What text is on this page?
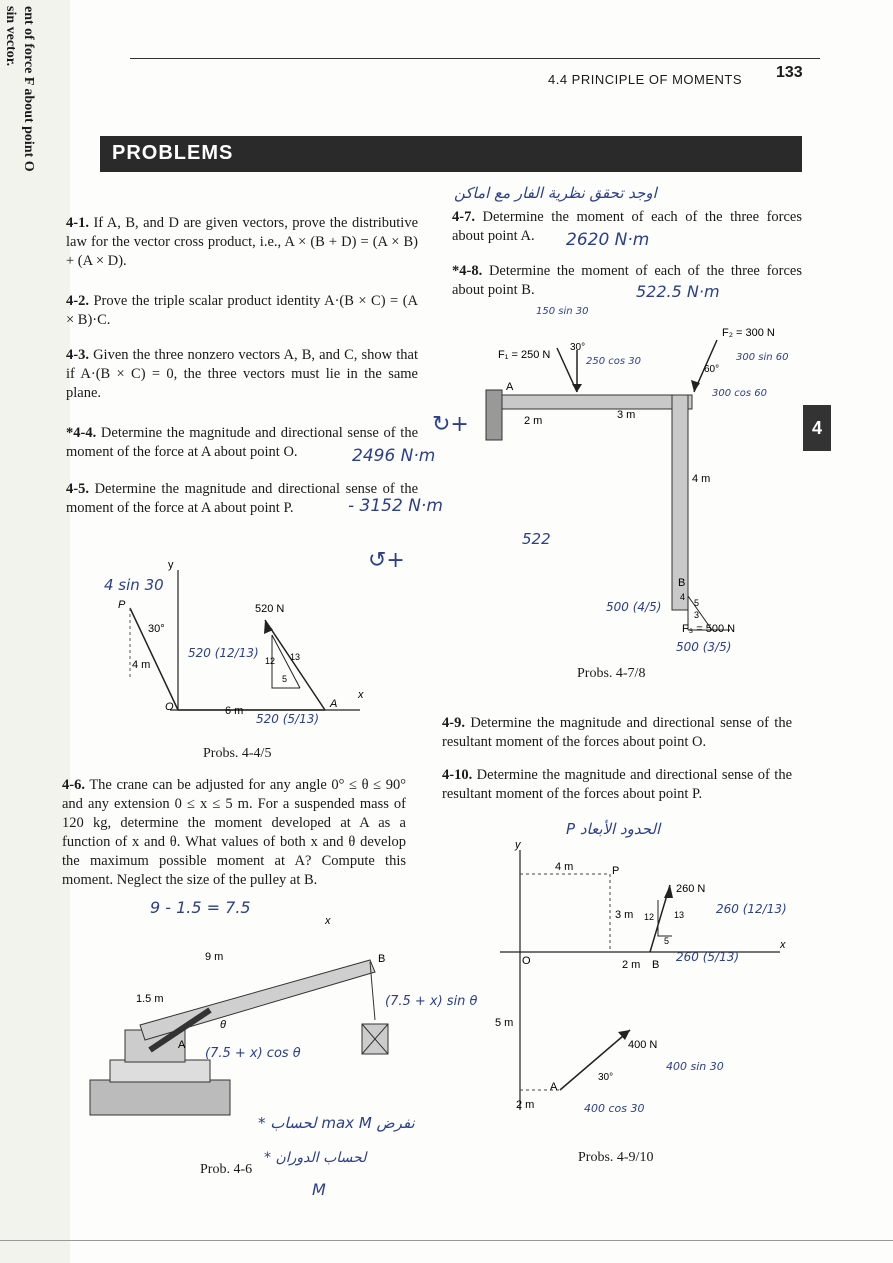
ent of force F about point O
sin vector.
4.4 PRINCIPLE OF MOMENTS 133
PROBLEMS
4
4-1. If A, B, and D are given vectors, prove the distributive law for the vector cross product, i.e., A × (B + D) = (A × B) + (A × D).
4-2. Prove the triple scalar product identity A·(B × C) = (A × B)·C.
4-3. Given the three nonzero vectors A, B, and C, show that if A·(B × C) = 0, the three vectors must lie in the same plane.
*4-4. Determine the magnitude and directional sense of the moment of the force at A about point O.
4-5. Determine the magnitude and directional sense of the moment of the force at A about point P.
2496 N·m
- 3152 N·m
↻+
↺+
y
x
P
O	A
30°
4 m
6 m
520 N
12 13
5
4 sin 30
520 (12/13)
520 (5/13)
Probs. 4-4/5
4-6. The crane can be adjusted for any angle 0° ≤ θ ≤ 90° and any extension 0 ≤ x ≤ 5 m. For a suspended mass of 120 kg, determine the moment developed at A as a function of x and θ. What values of both x and θ develop the maximum possible moment at A? Compute this moment. Neglect the size of the pulley at B.
9 m
1.5 m
x
B
A
θ
9 - 1.5 = 7.5
(7.5 + x) sin θ
(7.5 + x) cos θ
* لحساب max M نفرض
* لحساب الدوران
M
Prob. 4-6
اوجد تحقق نظرية الفار مع اماكن
4-7. Determine the moment of each of the three forces about point A.	2620 N·m
*4-8. Determine the moment of each of the three forces about point B.	522.5 N·m
F₁ = 250 N
30°
F₂ = 300 N
60°
A
B
2 m	3 m
4 m
5
4
3
F₃ = 500 N
150 sin 30
250 cos 30	300 sin 60
300 cos 60
522
500 (4/5)
500 (3/5)
Probs. 4-7/8
4-9. Determine the magnitude and directional sense of the resultant moment of the forces about point O.
4-10. Determine the magnitude and directional sense of the resultant moment of the forces about point P.
P الحدود الأبعاد
y
x
4 m	P
3 m
260 N
12 13
5
O	2 m B
5 m
400 N
30°
A
2 m
260 (12/13)
260 (5/13)
400 sin 30
400 cos 30
Probs. 4-9/10
